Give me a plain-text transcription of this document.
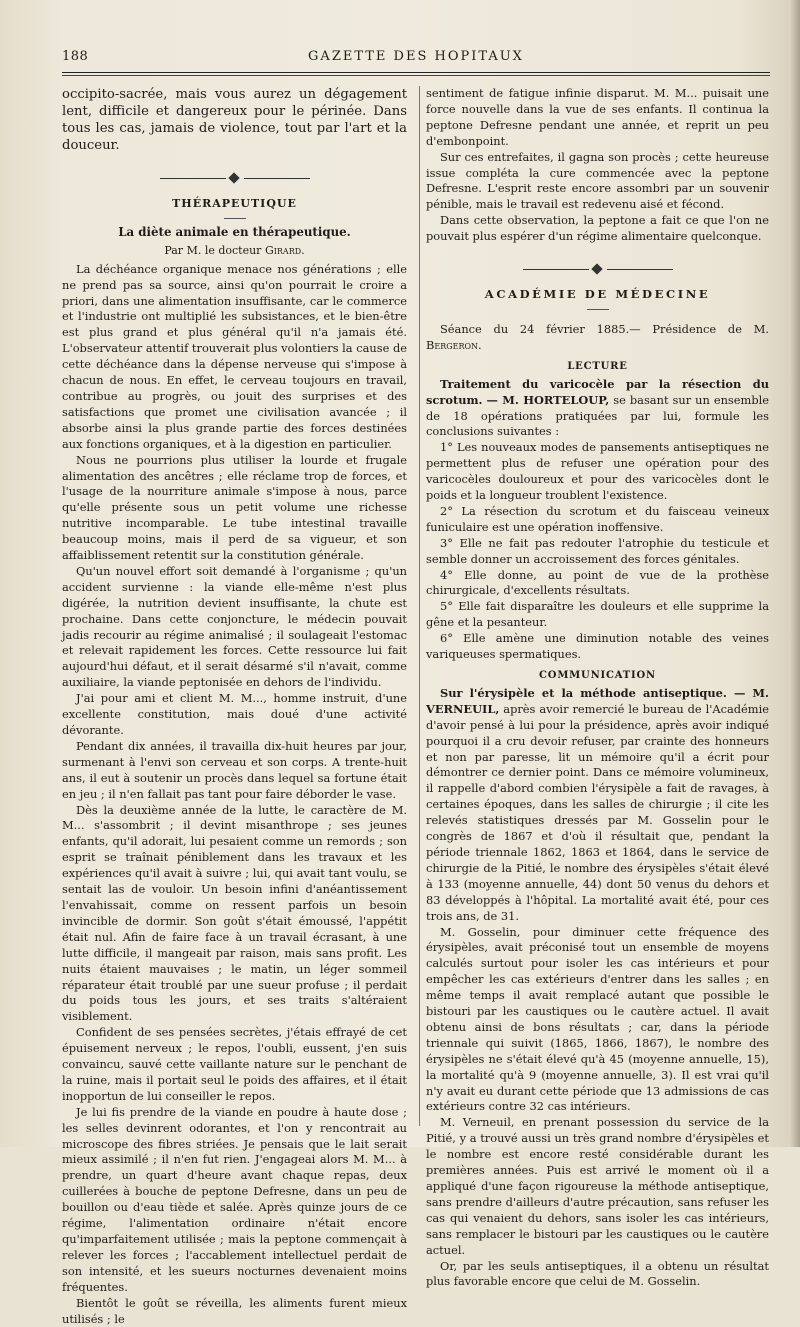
188	GAZETTE DES HOPITAUX

occipito-sacrée, mais vous aurez un dégagement lent, difficile et dangereux pour le périnée. Dans tous les cas, jamais de violence, tout par l'art et la douceur.

THÉRAPEUTIQUE
La diète animale en thérapeutique.
Par M. le docteur Girard.

La déchéance organique menace nos générations ; elle ne prend pas sa source, ainsi qu'on pourrait le croire a priori, dans une alimentation insuffisante, car le commerce et l'industrie ont multiplié les subsistances, et le bien-être est plus grand et plus général qu'il n'a jamais été. L'observateur attentif trouverait plus volontiers la cause de cette déchéance dans la dépense nerveuse qui s'impose à chacun de nous. En effet, le cerveau toujours en travail, contribue au progrès, ou jouit des surprises et des satisfactions que promet une civilisation avancée ; il absorbe ainsi la plus grande partie des forces destinées aux fonctions organiques, et à la digestion en particulier.

Nous ne pourrions plus utiliser la lourde et frugale alimentation des ancêtres ; elle réclame trop de forces, et l'usage de la nourriture animale s'impose à nous, parce qu'elle présente sous un petit volume une richesse nutritive incomparable. Le tube intestinal travaille beaucoup moins, mais il perd de sa vigueur, et son affaiblissement retentit sur la constitution générale.

Qu'un nouvel effort soit demandé à l'organisme ; qu'un accident survienne : la viande elle-même n'est plus digérée, la nutrition devient insuffisante, la chute est prochaine. Dans cette conjoncture, le médecin pouvait jadis recourir au régime animalisé ; il soulageait l'estomac et relevait rapidement les forces. Cette ressource lui fait aujourd'hui défaut, et il serait désarmé s'il n'avait, comme auxiliaire, la viande peptonisée en dehors de l'individu.

J'ai pour ami et client M. M..., homme instruit, d'une excellente constitution, mais doué d'une activité dévorante.

Pendant dix années, il travailla dix-huit heures par jour, surmenant à l'envi son cerveau et son corps. A trente-huit ans, il eut à soutenir un procès dans lequel sa fortune était en jeu ; il n'en fallait pas tant pour faire déborder le vase.

Dès la deuxième année de la lutte, le caractère de M. M... s'assombrit ; il devint misanthrope ; ses jeunes enfants, qu'il adorait, lui pesaient comme un remords ; son esprit se traînait péniblement dans les travaux et les expériences qu'il avait à suivre ; lui, qui avait tant voulu, se sentait las de vouloir. Un besoin infini d'anéantissement l'envahissait, comme on ressent parfois un besoin invincible de dormir. Son goût s'était émoussé, l'appétit était nul. Afin de faire face à un travail écrasant, à une lutte difficile, il mangeait par raison, mais sans profit. Les nuits étaient mauvaises ; le matin, un léger sommeil réparateur était troublé par une sueur profuse ; il perdait du poids tous les jours, et ses traits s'altéraient visiblement.

Confident de ses pensées secrètes, j'étais effrayé de cet épuisement nerveux ; le repos, l'oubli, eussent, j'en suis convaincu, sauvé cette vaillante nature sur le penchant de la ruine, mais il portait seul le poids des affaires, et il était inopportun de lui conseiller le repos.

Je lui fis prendre de la viande en poudre à haute dose ; les selles devinrent odorantes, et l'on y rencontrait au microscope des fibres striées. Je pensais que le lait serait mieux assimilé ; il n'en fut rien. J'engageai alors M. M... à prendre, un quart d'heure avant chaque repas, deux cuillerées à bouche de peptone Defresne, dans un peu de bouillon ou d'eau tiède et salée. Après quinze jours de ce régime, l'alimentation ordinaire n'était encore qu'imparfaitement utilisée ; mais la peptone commençait à relever les forces ; l'accablement intellectuel perdait de son intensité, et les sueurs nocturnes devenaient moins fréquentes.

Bientôt le goût se réveilla, les aliments furent mieux utilisés ; le

sentiment de fatigue infinie disparut. M. M... puisait une force nouvelle dans la vue de ses enfants. Il continua la peptone Defresne pendant une année, et reprit un peu d'embonpoint.

Sur ces entrefaites, il gagna son procès ; cette heureuse issue compléta la cure commencée avec la peptone Defresne. L'esprit reste encore assombri par un souvenir pénible, mais le travail est redevenu aisé et fécond.

Dans cette observation, la peptone a fait ce que l'on ne pouvait plus espérer d'un régime alimentaire quelconque.

ACADÉMIE DE MÉDECINE

Séance du 24 février 1885.— Présidence de M. Bergeron.

LECTURE

Traitement du varicocèle par la résection du scrotum. — M. HORTELOUP, se basant sur un ensemble de 18 opérations pratiquées par lui, formule les conclusions suivantes :

1° Les nouveaux modes de pansements antiseptiques ne permettent plus de refuser une opération pour des varicocèles douloureux et pour des varicocèles dont le poids et la longueur troublent l'existence.

2° La résection du scrotum et du faisceau veineux funiculaire est une opération inoffensive.

3° Elle ne fait pas redouter l'atrophie du testicule et semble donner un accroissement des forces génitales.

4° Elle donne, au point de vue de la prothèse chirurgicale, d'excellents résultats.

5° Elle fait disparaître les douleurs et elle supprime la gêne et la pesanteur.

6° Elle amène une diminution notable des veines variqueuses spermatiques.

COMMUNICATION

Sur l'érysipèle et la méthode antiseptique. — M. VERNEUIL, après avoir remercié le bureau de l'Académie d'avoir pensé à lui pour la présidence, après avoir indiqué pourquoi il a cru devoir refuser, par crainte des honneurs et non par paresse, lit un mémoire qu'il a écrit pour démontrer ce dernier point. Dans ce mémoire volumineux, il rappelle d'abord combien l'érysipèle a fait de ravages, à certaines époques, dans les salles de chirurgie ; il cite les relevés statistiques dressés par M. Gosselin pour le congrès de 1867 et d'où il résultait que, pendant la période triennale 1862, 1863 et 1864, dans le service de chirurgie de la Pitié, le nombre des érysipèles s'était élevé à 133 (moyenne annuelle, 44) dont 50 venus du dehors et 83 développés à l'hôpital. La mortalité avait été, pour ces trois ans, de 31.

M. Gosselin, pour diminuer cette fréquence des érysipèles, avait préconisé tout un ensemble de moyens calculés surtout pour isoler les cas intérieurs et pour empêcher les cas extérieurs d'entrer dans les salles ; en même temps il avait remplacé autant que possible le bistouri par les caustiques ou le cautère actuel. Il avait obtenu ainsi de bons résultats ; car, dans la période triennale qui suivit (1865, 1866, 1867), le nombre des érysipèles ne s'était élevé qu'à 45 (moyenne annuelle, 15), la mortalité qu'à 9 (moyenne annuelle, 3). Il est vrai qu'il n'y avait eu durant cette période que 13 admissions de cas extérieurs contre 32 cas intérieurs.

M. Verneuil, en prenant possession du service de la Pitié, y a trouvé aussi un très grand nombre d'érysipèles et le nombre est encore resté considérable durant les premières années. Puis est arrivé le moment où il a appliqué d'une façon rigoureuse la méthode antiseptique, sans prendre d'ailleurs d'autre précaution, sans refuser les cas qui venaient du dehors, sans isoler les cas intérieurs, sans remplacer le bistouri par les caustiques ou le cautère actuel.

Or, par les seuls antiseptiques, il a obtenu un résultat plus favorable encore que celui de M. Gosselin.
